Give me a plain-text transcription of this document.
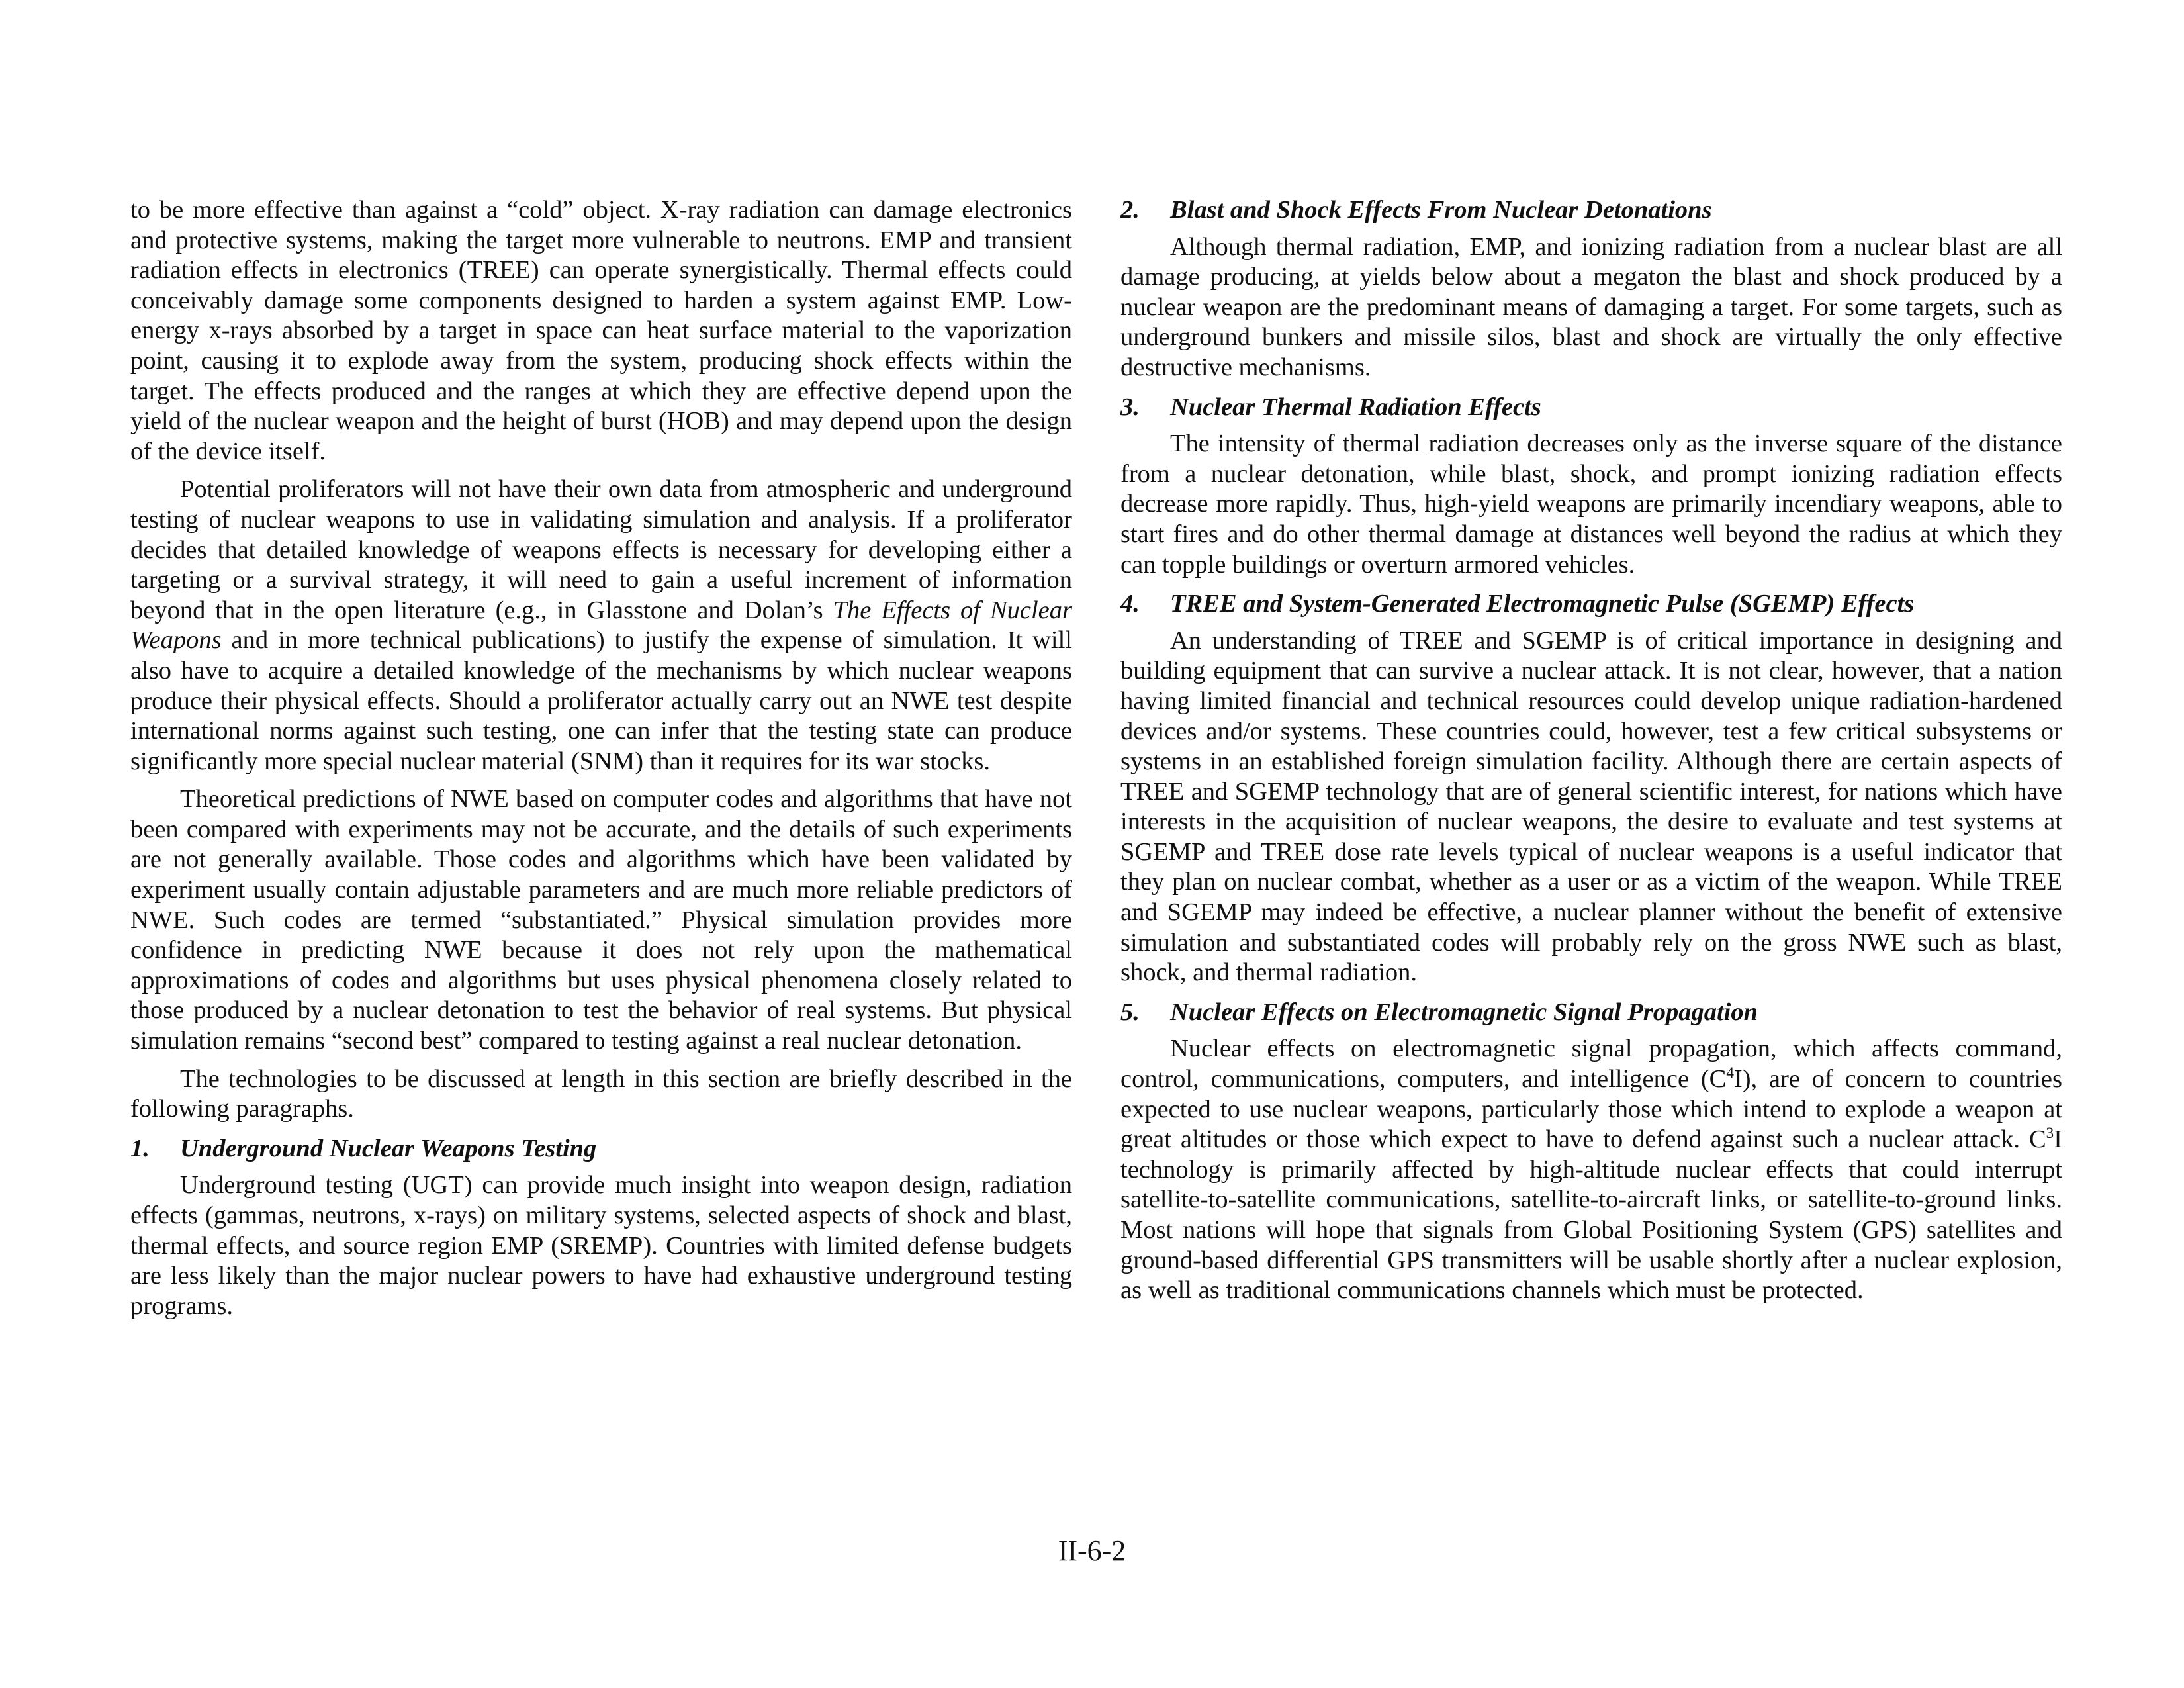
to be more effective than against a “cold” object. X-ray radiation can damage electronics and protective systems, making the target more vulnerable to neutrons. EMP and transient radiation effects in electronics (TREE) can operate synergistically. Thermal effects could conceivably damage some components designed to harden a system against EMP. Low-energy x-rays absorbed by a target in space can heat surface material to the vaporization point, causing it to explode away from the system, producing shock effects within the target. The effects produced and the ranges at which they are effective depend upon the yield of the nuclear weapon and the height of burst (HOB) and may depend upon the design of the device itself.

Potential proliferators will not have their own data from atmospheric and underground testing of nuclear weapons to use in validating simulation and analysis. If a proliferator decides that detailed knowledge of weapons effects is necessary for developing either a targeting or a survival strategy, it will need to gain a useful increment of information beyond that in the open literature (e.g., in Glasstone and Dolan’s The Effects of Nuclear Weapons and in more technical publications) to justify the expense of simulation. It will also have to acquire a detailed knowledge of the mechanisms by which nuclear weapons produce their physical effects. Should a proliferator actually carry out an NWE test despite international norms against such testing, one can infer that the testing state can produce significantly more special nuclear material (SNM) than it requires for its war stocks.

Theoretical predictions of NWE based on computer codes and algorithms that have not been compared with experiments may not be accurate, and the details of such experiments are not generally available. Those codes and algorithms which have been validated by experiment usually contain adjustable parameters and are much more reliable predictors of NWE. Such codes are termed “substantiated.” Physical simulation provides more confidence in predicting NWE because it does not rely upon the mathematical approximations of codes and algorithms but uses physical phenomena closely related to those produced by a nuclear detonation to test the behavior of real systems. But physical simulation remains “second best” compared to testing against a real nuclear detonation.

The technologies to be discussed at length in this section are briefly described in the following paragraphs.

1. Underground Nuclear Weapons Testing

Underground testing (UGT) can provide much insight into weapon design, radiation effects (gammas, neutrons, x-rays) on military systems, selected aspects of shock and blast, thermal effects, and source region EMP (SREMP). Countries with limited defense budgets are less likely than the major nuclear powers to have had exhaustive underground testing programs.

2. Blast and Shock Effects From Nuclear Detonations

Although thermal radiation, EMP, and ionizing radiation from a nuclear blast are all damage producing, at yields below about a megaton the blast and shock produced by a nuclear weapon are the predominant means of damaging a target. For some targets, such as underground bunkers and missile silos, blast and shock are virtually the only effective destructive mechanisms.

3. Nuclear Thermal Radiation Effects

The intensity of thermal radiation decreases only as the inverse square of the distance from a nuclear detonation, while blast, shock, and prompt ionizing radiation effects decrease more rapidly. Thus, high-yield weapons are primarily incendiary weapons, able to start fires and do other thermal damage at distances well beyond the radius at which they can topple buildings or overturn armored vehicles.

4. TREE and System-Generated Electromagnetic Pulse (SGEMP) Effects

An understanding of TREE and SGEMP is of critical importance in designing and building equipment that can survive a nuclear attack. It is not clear, however, that a nation having limited financial and technical resources could develop unique radiation-hardened devices and/or systems. These countries could, however, test a few critical subsystems or systems in an established foreign simulation facility. Although there are certain aspects of TREE and SGEMP technology that are of general scientific interest, for nations which have interests in the acquisition of nuclear weapons, the desire to evaluate and test systems at SGEMP and TREE dose rate levels typical of nuclear weapons is a useful indicator that they plan on nuclear combat, whether as a user or as a victim of the weapon. While TREE and SGEMP may indeed be effective, a nuclear planner without the benefit of extensive simulation and substantiated codes will probably rely on the gross NWE such as blast, shock, and thermal radiation.

5. Nuclear Effects on Electromagnetic Signal Propagation

Nuclear effects on electromagnetic signal propagation, which affects command, control, communications, computers, and intelligence $(C^4I)$, are of concern to countries expected to use nuclear weapons, particularly those which intend to explode a weapon at great altitudes or those which expect to have to defend against such a nuclear attack. $C^3I$ technology is primarily affected by high-altitude nuclear effects that could interrupt satellite-to-satellite communications, satellite-to-aircraft links, or satellite-to-ground links. Most nations will hope that signals from Global Positioning System (GPS) satellites and ground-based differential GPS transmitters will be usable shortly after a nuclear explosion, as well as traditional communications channels which must be protected.

II-6-2
